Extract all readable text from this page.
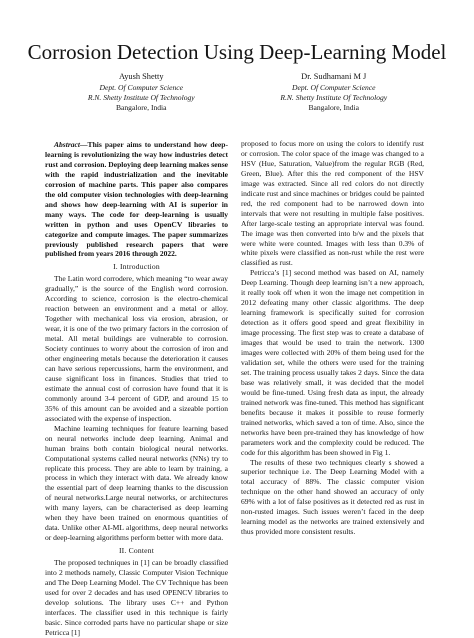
Corrosion Detection Using Deep-Learning Model
Ayush Shetty
Dept. Of Computer Science
R.N. Shetty Institute Of Technology
Bangalore, India
Dr. Sudhamani M J
Dept. Of Computer Science
R.N. Shetty Institute Of Technology
Bangalore, India

Abstract—This paper aims to understand how deep-learning is revolutionizing the way how industries detect rust and corrosion. Deploying deep learning makes sense with the rapid industrialization and the inevitable corrosion of machine parts. This paper also compares the old computer vision technologies with deep-learning and shows how deep-learning with AI is superior in many ways. The code for deep-learning is usually written in python and uses OpenCV libraries to categorize and compute images. The paper summarizes previously published research papers that were published from years 2016 through 2022.

I. Introduction

The Latin word corrodere, which meaning “to wear away gradually,” is the source of the English word corrosion. According to science, corrosion is the electro-chemical reaction between an environment and a metal or alloy. Together with mechanical loss via erosion, abrasion, or wear, it is one of the two primary factors in the corrosion of metal. All metal buildings are vulnerable to corrosion. Society continues to worry about the corrosion of iron and other engineering metals because the deterioration it causes can have serious repercussions, harm the environment, and cause significant loss in finances. Studies that tried to estimate the annual cost of corrosion have found that it is commonly around 3-4 percent of GDP, and around 15 to 35% of this amount can be avoided and a sizeable portion associated with the expense of inspection.

Machine learning techniques for feature learning based on neural networks include deep learning. Animal and human brains both contain biological neural networks. Computational systems called neural networks (NNs) try to replicate this process. They are able to learn by training, a process in which they interact with data. We already know the essential part of deep learning thanks to the discussion of neural networks.Large neural networks, or architectures with many layers, can be characterised as deep learning when they have been trained on enormous quantities of data. Unlike other AI-ML algorithms, deep neural networks or deep-learning algorithms perform better with more data.

II. Content

The proposed techniques in [1] can be broadly classified into 2 methods namely, Classic Computer Vision Technique and The Deep Learning Model. The CV Technique has been used for over 2 decades and has used OPENCV libraries to develop solutions. The library uses C++ and Python interfaces. The classifier used in this technique is fairly basic. Since corroded parts have no particular shape or size Petricca [1]

proposed to focus more on using the colors to identify rust or corrosion. The color space of the image was changed to a HSV (Hue, Saturation, Value)from the regular RGB (Red, Green, Blue). After this the red component of the HSV image was extracted. Since all red colors do not directly indicate rust and since machines or bridges could be painted red, the red component had to be narrowed down into intervals that were not resulting in multiple false positives. After large-scale testing an appropriate interval was found. The image was then converted into b/w and the pixels that were white were counted. Images with less than 0.3% of white pixels were classified as non-rust while the rest were classified as rust.

Petricca’s [1] second method was based on AI, namely Deep Learning. Though deep learning isn’t a new approach, it really took off when it won the image net competition in 2012 defeating many other classic algorithms. The deep learning framework is specifically suited for corrosion detection as it offers good speed and great flexibility in image processing. The first step was to create a database of images that would be used to train the network. 1300 images were collected with 20% of them being used for the validation set, while the others were used for the training set. The training process usually takes 2 days. Since the data base was relatively small, it was decided that the model would be fine-tuned. Using fresh data as input, the already trained network was fine-tuned. This method has significant benefits because it makes it possible to reuse formerly trained networks, which saved a ton of time. Also, since the networks have been pre-trained they has knowledge of how parameters work and the complexity could be reduced. The code for this algorithm has been showed in Fig 1.

The results of these two techniques clearly s showed a superior technique i.e. The Deep Learning Model with a total accuracy of 88%. The classic computer vision technique on the other hand showed an accuracy of only 69% with a lot of false positives as it detected red as rust in non-rusted images. Such issues weren’t faced in the deep learning model as the networks are trained extensively and thus provided more consistent results.
